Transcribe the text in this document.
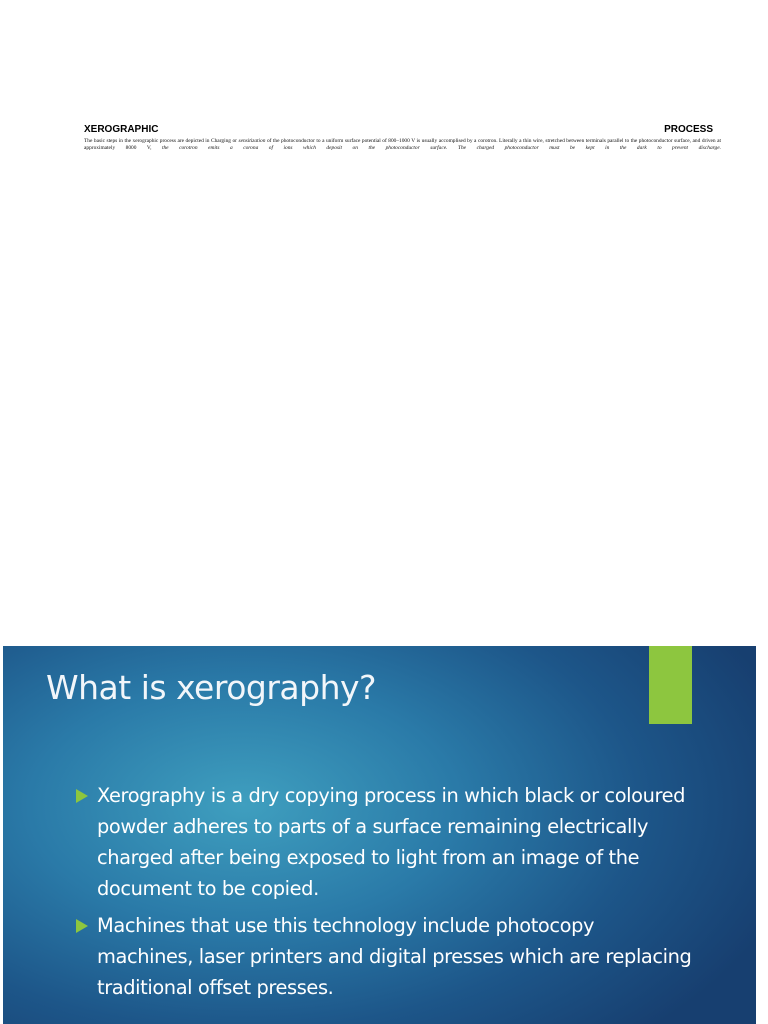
XEROGRAPHIC	PROCESS
The basic steps in the xerographic process are depicted in Charging or sensitization of the photoconductor to a uniform surface potential of 800–1000 V is usually accomplised by a corotron. Literally a thin wire, stretched between terminals parallel to the photoconductor surface, and driven at approximately 8000 V, the corotron emits a corona of ions which deposit on the photoconductor surface. The charged photoconductor must be kept in the dark to prevent discharge.
What is xerography?
Xerography is a dry copying process in which black or coloured powder adheres to parts of a surface remaining electrically charged after being exposed to light from an image of the document to be copied.
Machines that use this technology include photocopy machines, laser printers and digital presses which are replacing traditional offset presses.
